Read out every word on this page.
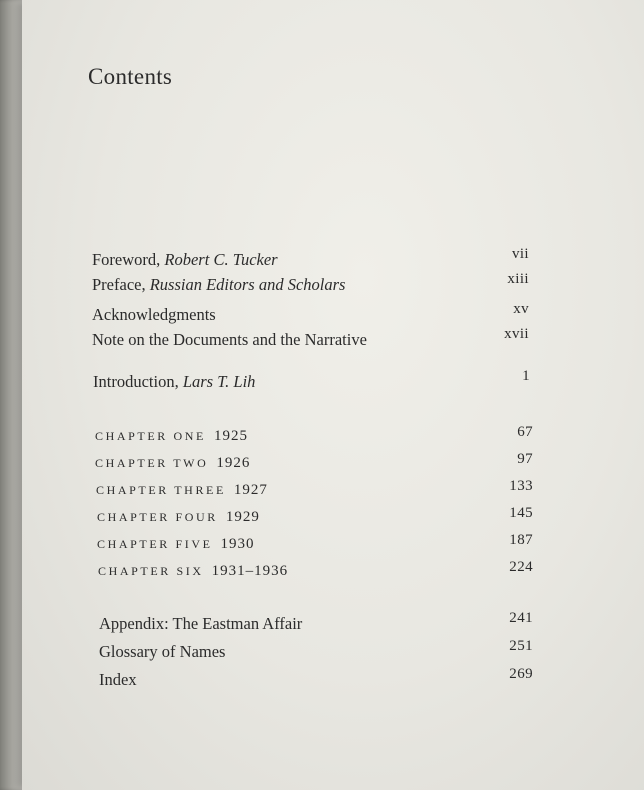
Contents
Foreword, Robert C. Tucker	vii
Preface, Russian Editors and Scholars	xiii
Acknowledgments	xv
Note on the Documents and the Narrative	xvii
Introduction, Lars T. Lih	1
CHAPTER ONE 1925	67
CHAPTER TWO 1926	97
CHAPTER THREE 1927	133
CHAPTER FOUR 1929	145
CHAPTER FIVE 1930	187
CHAPTER SIX 1931–1936	224
Appendix: The Eastman Affair	241
Glossary of Names	251
Index	269
